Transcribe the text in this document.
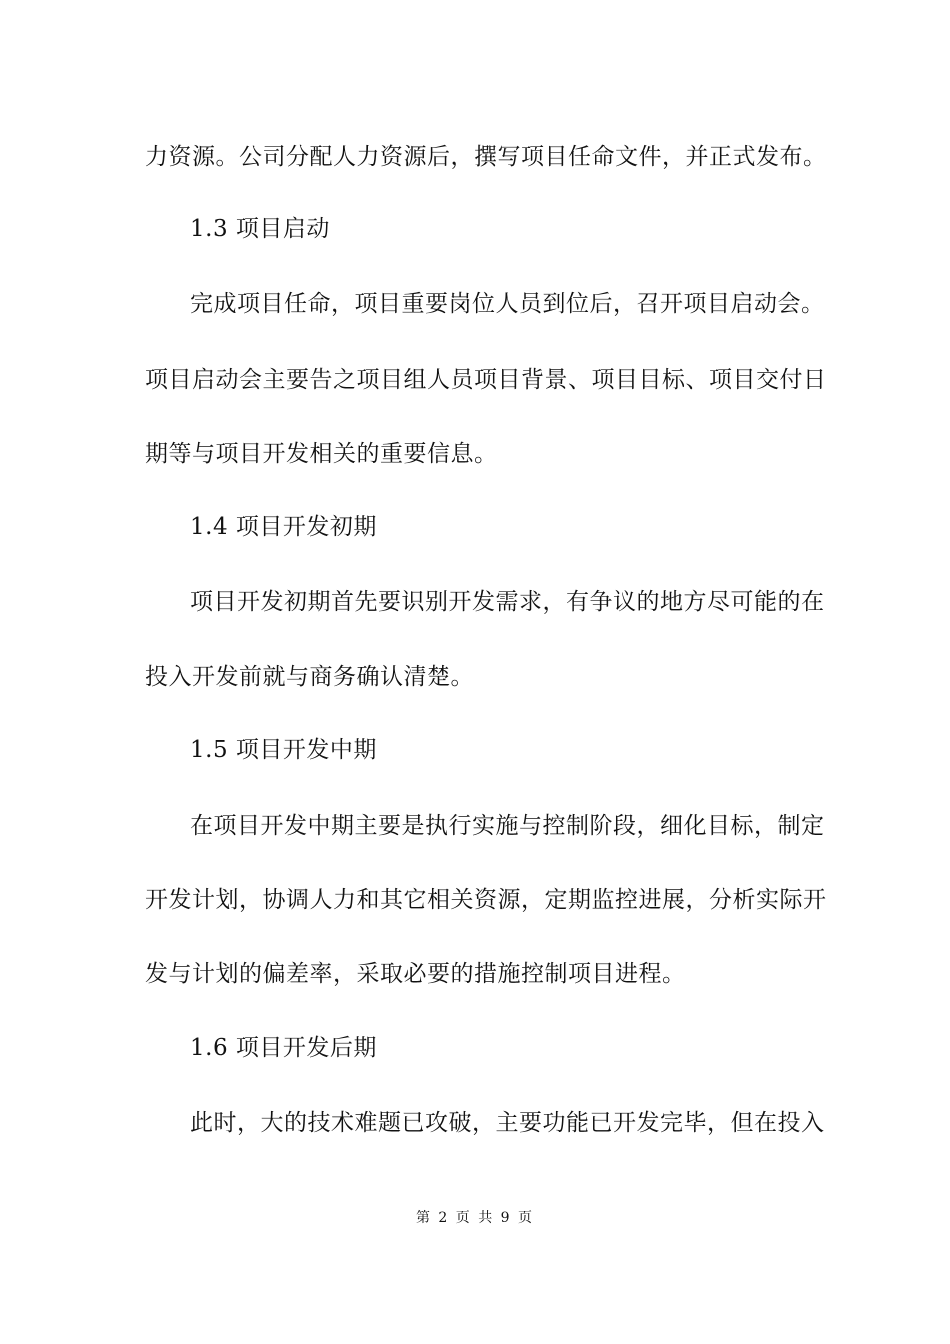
力资源。公司分配人力资源后，撰写项目任命文件，并正式发布。
1.3 项目启动
完成项目任命，项目重要岗位人员到位后，召开项目启动会。
项目启动会主要告之项目组人员项目背景、项目目标、项目交付日
期等与项目开发相关的重要信息。
1.4 项目开发初期
项目开发初期首先要识别开发需求，有争议的地方尽可能的在
投入开发前就与商务确认清楚。
1.5 项目开发中期
在项目开发中期主要是执行实施与控制阶段，细化目标，制定
开发计划，协调人力和其它相关资源，定期监控进展，分析实际开
发与计划的偏差率，采取必要的措施控制项目进程。
1.6 项目开发后期
此时，大的技术难题已攻破，主要功能已开发完毕，但在投入
第 2 页 共 9 页
